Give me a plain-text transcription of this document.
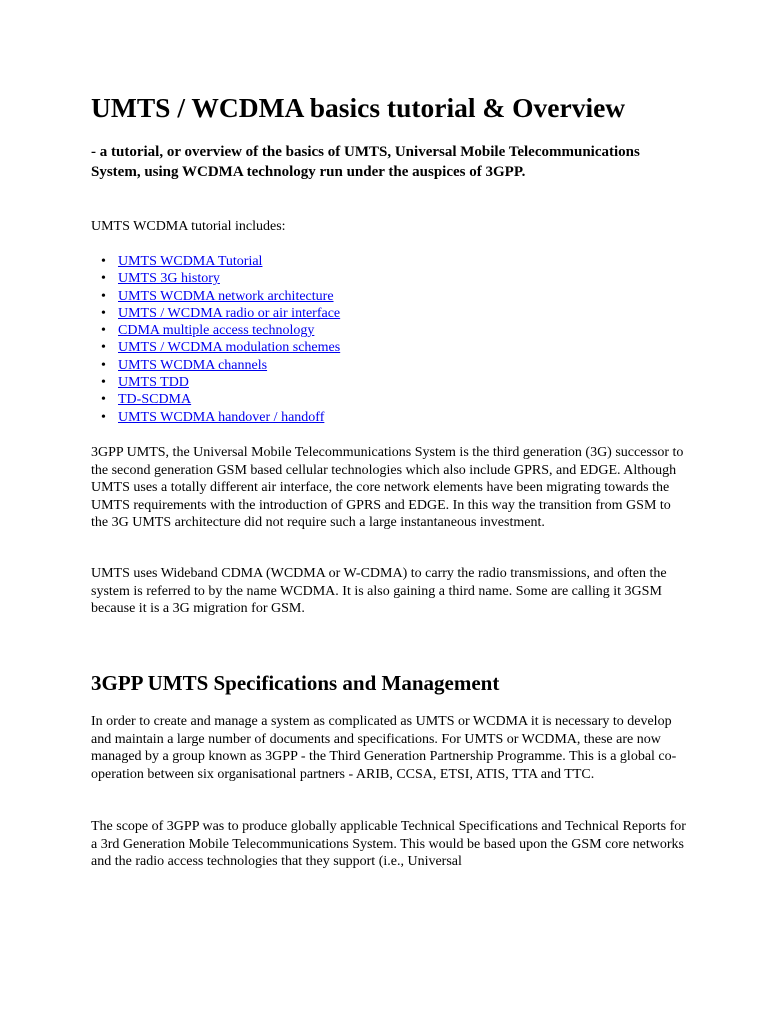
UMTS / WCDMA basics tutorial & Overview

- a tutorial, or overview of the basics of UMTS, Universal Mobile Telecommunications System, using WCDMA technology run under the auspices of 3GPP.

UMTS WCDMA tutorial includes:

• UMTS WCDMA Tutorial
• UMTS 3G history
• UMTS WCDMA network architecture
• UMTS / WCDMA radio or air interface
• CDMA multiple access technology
• UMTS / WCDMA modulation schemes
• UMTS WCDMA channels
• UMTS TDD
• TD-SCDMA
• UMTS WCDMA handover / handoff

3GPP UMTS, the Universal Mobile Telecommunications System is the third generation (3G) successor to the second generation GSM based cellular technologies which also include GPRS, and EDGE. Although UMTS uses a totally different air interface, the core network elements have been migrating towards the UMTS requirements with the introduction of GPRS and EDGE. In this way the transition from GSM to the 3G UMTS architecture did not require such a large instantaneous investment.

UMTS uses Wideband CDMA (WCDMA or W-CDMA) to carry the radio transmissions, and often the system is referred to by the name WCDMA. It is also gaining a third name. Some are calling it 3GSM because it is a 3G migration for GSM.

3GPP UMTS Specifications and Management

In order to create and manage a system as complicated as UMTS or WCDMA it is necessary to develop and maintain a large number of documents and specifications. For UMTS or WCDMA, these are now managed by a group known as 3GPP - the Third Generation Partnership Programme. This is a global co-operation between six organisational partners - ARIB, CCSA, ETSI, ATIS, TTA and TTC.

The scope of 3GPP was to produce globally applicable Technical Specifications and Technical Reports for a 3rd Generation Mobile Telecommunications System. This would be based upon the GSM core networks and the radio access technologies that they support (i.e., Universal
